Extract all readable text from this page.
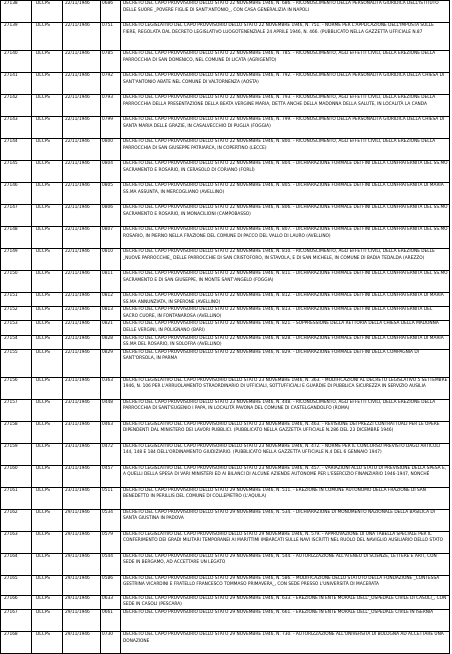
27138	DLCPS	22/11/1946	0686	DECRETO DEL CAPO PROVVISORIO DELLO STATO 22 NOVEMBRE 1946, N. 686. - RICONOSCIMENTO DELLA PERSONALITÀ GIURIDICA DELL'ISTITUTO DELLE SUORE _POVERE FIGLIE DI SANT'ANTONIO_, CON CASA GENERALIZIA IN NAPOLI

27139	DLCPS	22/11/1946	0751	DECRETO LEGISLATIVO DEL CAPO PROVVISORIO DELLO STATO 22 NOVEMBRE 1946, N. 751. - NORME PER L'APPLICAZIONE DELL'IMPOSTA SULLE FIERE, REGOLATA DAL DECRETO LEGISLATIVO LUOGOTENENZIALE 24 APRILE 1946, N. 466. (PUBBLICATO NELLA GAZZETTA UFFICIALE N.87

27140	DLCPS	22/11/1946	0785	DECRETO DEL CAPO PROVVISORIO DELLO STATO 22 NOVEMBRE 1946, N. 785. - RICONOSCIMENTO, AGLI EFFETTI CIVILI, DELLA EREZIONE DELLA PARROCCHIA DI SAN DOMENICO, NEL COMUNE DI LICATA (AGRIGENTO)

27141	DLCPS	22/11/1946	0792	DECRETO DEL CAPO PROVVISORIO DELLO STATO 22 NOVEMBRE 1946, N. 792. - RICONOSCIMENTO DELLA PERSONALITÀ GIURIDICA DELLA CHIESA DI SANT'ANTONIO ABATE NEL COMUNE DI VALTORNENZA (AOSTA)

27142	DLCPS	22/11/1946	0793	DECRETO DEL CAPO PROVVISORIO DELLO STATO 22 NOVEMBRE 1946, N. 793. - RICONOSCIMENTO, AGLI EFFETTI CIVILI, DELLA EREZIONE DELLA PARROCCHIA DELLA PRESENTAZIONE DELLA BEATA VERGINE MARIA, DETTA ANCHE DELLA MADONNA DELLA SALUTE, IN LOCALITÀ LA CANDA

27143	DLCPS	22/11/1946	0799	DECRETO DEL CAPO PROVVISORIO DELLO STATO 22 NOVEMBRE 1946, N. 799. - RICONOSCIMENTO DELLA PERSONALITÀ GIURIDICA DELLA CHIESA DI SANTA MARIA DELLE GRAZIE, IN CASALVECCHIO DI PUGLIA (FOGGIA)

27144	DLCPS	22/11/1946	0800	DECRETO DEL CAPO PROVVISORIO DELLO STATO 22 NOVEMBRE 1946, N. 800. - RICONOSCIMENTO, AGLI EFFETTI CIVILI, DELLA EREZIONE DELLA PARROCCHIA DI SAN GIUSEPPE PATRIARCA, IN COPERTINO (LECCE)

27145	DLCPS	22/11/1946	0804	DECRETO DEL CAPO PROVVISORIO DELLO STATO 22 NOVEMBRE 1946, N. 804. - DICHIARAZIONE FORMALE DEI FINI DELLA CONFRATERNITA DEL SS.MO SACRAMENTO E ROSARIO, IN CERASOLO DI CORIANO (FORLÌ)

27146	DLCPS	22/11/1946	0805	DECRETO DEL CAPO PROVVISORIO DELLO STATO 22 NOVEMBRE 1946, N. 805. - DICHIARAZIONE FORMALE DEI FINI DELLA CONFRATERNITA DI MARIA SS.MA ASSUNTA, IN MERCOGLIANO (AVELLINO)

27147	DLCPS	22/11/1946	0806	DECRETO DEL CAPO PROVVISORIO DELLO STATO 22 NOVEMBRE 1946, N. 806. - DICHIARAZIONE FORMALE DEI FINI DELLA CONFRATERNITA DEL SS.MO SACRAMENTO E ROSARIO, IN MONACILIONI (CAMPOBASSO)

27148	DLCPS	22/11/1946	0807	DECRETO DEL CAPO PROVVISORIO DELLO STATO 22 NOVEMBRE 1946, N. 807. - DICHIARAZIONE FORMALE DEI FINI DELLA CONFRATERNITA DEL SS.MO ROSARIO, IN PIERNO NELLA FRAZIONE DEL COMUNE DI PACCO DEL VALLO DI LAURO (AVELLINO)

27149	DLCPS	22/11/1946	0810	DECRETO DEL CAPO PROVVISORIO DELLO STATO 22 NOVEMBRE 1946, N. 810. - RICONOSCIMENTO, AGLI EFFETTI CIVILI, DELLA EREZIONE DELLE _NUOVE PARROCCHIE_ DELLE PARROCCHIE DI SAN CRISTOFORO, IN STAVOLA, E DI SAN MICHELE, IN COMUNE DI BADIA TEDALDA (AREZZO)

27150	DLCPS	22/11/1946	0811	DECRETO DEL CAPO PROVVISORIO DELLO STATO 22 NOVEMBRE 1946, N. 811. - DICHIARAZIONE FORMALE DEI FINI DELLA CONFRATERNITA DEL SS.MO SACRAMENTO E DI SAN GIUSEPPE, IN MONTE SANT'ANGELO (FOGGIA)

27151	DLCPS	22/11/1946	0812	DECRETO DEL CAPO PROVVISORIO DELLO STATO 22 NOVEMBRE 1946, N. 812. - DICHIARAZIONE FORMALE DEI FINI DELLA CONFRATERNITA DI MARIA SS.MA ANNUNZIATA, IN SPERONE (AVELLINO)

27152	DLCPS	22/11/1946	0813	DECRETO DEL CAPO PROVVISORIO DELLO STATO 22 NOVEMBRE 1946, N. 813. - DICHIARAZIONE FORMALE DEI FINI DELLA CONFRATERNITA DEL SACRO CUORE, IN FONTANAROSA (AVELLINO)

27153	DLCPS	22/11/1946	0821	DECRETO DEL CAPO PROVVISORIO DELLO STATO 22 NOVEMBRE 1946, N. 821. - SOPPRESSIONE DELLA RETTORIA DELLA CHIESA DELLA MADONNA DELLE VERGINI, IN POLIGNANO (BARI)

27154	DLCPS	22/11/1946	0828	DECRETO DEL CAPO PROVVISORIO DELLO STATO 22 NOVEMBRE 1946, N. 828. - DICHIARAZIONE FORMALE DEI FINI DELLA CONFRATERNITA DI MARIA SS.MA DEL ROSARIO, IN SOLOFRA (AVELLINO)

27155	DLCPS	22/11/1946	0829	DECRETO DEL CAPO PROVVISORIO DELLO STATO 22 NOVEMBRE 1946, N. 829. - DICHIARAZIONE FORMALE DEI FINI DELLA COMPAGNIA DI SANT'ORSOLA, IN PARMA

27156	DLCPS	23/11/1946	0363	DECRETO LEGISLATIVO DEL CAPO PROVVISORIO DELLO STATO 23 NOVEMBRE 1946, N. 363. - MODIFICAZIONI AL DECRETO LEGISLATIVO 5 SETTEMBRE 1946, N. 106 PER L'ARRUOLAMENTO STRAORDINARIO DI UFFICIALI, SOTTUFFICIALI E GUARDIE DI PUBBLICA SICUREZZA IN SERVIZIO AUSILIA

27157	DLCPS	23/11/1946	0448	DECRETO DEL CAPO PROVVISORIO DELLO STATO 23 NOVEMBRE 1946, N. 448. - RICONOSCIMENTO, AGLI EFFETTI CIVILI, DELLA EREZIONE DELLA PARROCCHIA DI SANT'EUGENIO I PAPA, IN LOCALITÀ PAVONA DEL COMUNE DI CASTELGANDOLFO (ROMA)

27158	DLCPS	23/11/1946	0463	DECRETO LEGISLATIVO DEL CAPO PROVVISORIO DELLO STATO 23 NOVEMBRE 1946, N. 463. - REVISIONE DEI PREZZI CONTRATTUALI PER LE OPERE DIPENDENTI DAL MINISTERO DEI LAVORI PUBBLICI. (PUBBLICATO NELLA GAZZETTA UFFICIALE N.286 DEL 23 DICEMBRE 1946)

27159	DLCPS	23/11/1946	0472	DECRETO LEGISLATIVO DEL CAPO PROVVISORIO DELLO STATO 23 NOVEMBRE 1946, N. 472. - NORME PER IL CONCORSO PREVISTO DAGLI ARTICOLI 144, 148 E 184 DELL'ORDINAMENTO GIUDIZIARIO. (PUBBLICATO NELLA GAZZETTA UFFICIALE N.4 DEL 6 GENNAIO 1947)

27160	DLCPS	23/11/1946	0457	DECRETO LEGISLATIVO DEL CAPO PROVVISORIO DELLO STATO 23 NOVEMBRE 1946, N. 457. - VARIAZIONI ALLO STATO DI PREVISIONE DELLA SPESA E, A QUELLI DELLA SPESA DI VARI MINISTERI ED AI BILANCI DI ALCUNE AZIENDE AUTONOME PER L'ESERCIZIO FINANZIARIO 1946-1947, NONCHÉ

27161	DLCPS	23/11/1946	0511	DECRETO DEL CAPO PROVVISORIO DELLO STATO 29 NOVEMBRE 1946, N. 511. - EREZIONE IN COMUNE AUTONOMO DELLA FRAZIONE DI SAN BENEDETTO IN PERILLIS DEL COMUNE DI COLLEPIETRO (L'AQUILA)

27162	DLCPS	29/11/1946	0534	DECRETO DEL CAPO PROVVISORIO DELLO STATO 29 NOVEMBRE 1946, N. 534. - DICHIARAZIONE DI MONUMENTO NAZIONALE DELLA BASILICA DI SANTA GIUSTINA IN PADOVA

27163	DLCPS	29/11/1946	0579	DECRETO LEGISLATIVO DEL CAPO PROVVISORIO DELLO STATO 29 NOVEMBRE 1946, N. 579. - APPROVAZIONE DI UNA TABELLA SPECIALE PER IL CONFERIMENTO DEI GRADI MILITARI TEMPORANEI AI MARITTIMI IMBARCATI SULLE NAVI ISCRITTI NEL RUOLO DEL NAVIGLIO AUSILIARIO DELLO STATO

27164	DLCPS	29/11/1946	0544	DECRETO DEL CAPO PROVVISORIO DELLO STATO 29 NOVEMBRE 1946, N. 544. - AUTORIZZAZIONE ALL'ATENEO DI SCIENZE, LETTERE E ARTI, CON SEDE IN BERGAMO, AD ACCETTARE UN LEGATO

27165	DLCPS	29/11/1946	0586	DECRETO DEL CAPO PROVVISORIO DELLO STATO 29 NOVEMBRE 1946, N. 586. - MODIFICAZIONE DELLO STATUTO DELLA FONDAZIONE _CONTESSA GESTRINA VICARDINI E FRATELLO FRANCESCO TOMMASO PRIMAVERA_, CON SEDE PRESSO L'UNIVERSITÀ DI MACERATA

27166	DLCPS	29/11/1946	0633	DECRETO DEL CAPO PROVVISORIO DELLO STATO 29 NOVEMBRE 1946, N. 633. - EREZIONE IN ENTE MORALE DELL'_OSPEDALE CIVILE DI CASOLI_, CON SEDE IN CASOLI (PESCARA)

27167	DLCPS	29/11/1946	0661	DECRETO DEL CAPO PROVVISORIO DELLO STATO 29 NOVEMBRE 1946, N. 661. - EREZIONE IN ENTE MORALE DELL'_OSPEDALE CIVILE IN ISERNIA

27168	DLCPS	29/11/1946	0730	DECRETO DEL CAPO PROVVISORIO DELLO STATO 29 NOVEMBRE 1946, N. 730. - AUTORIZZAZIONE ALL'UNIVERSITÀ DI BOLOGNA AD ACCETTARE UNA DONAZIONE
